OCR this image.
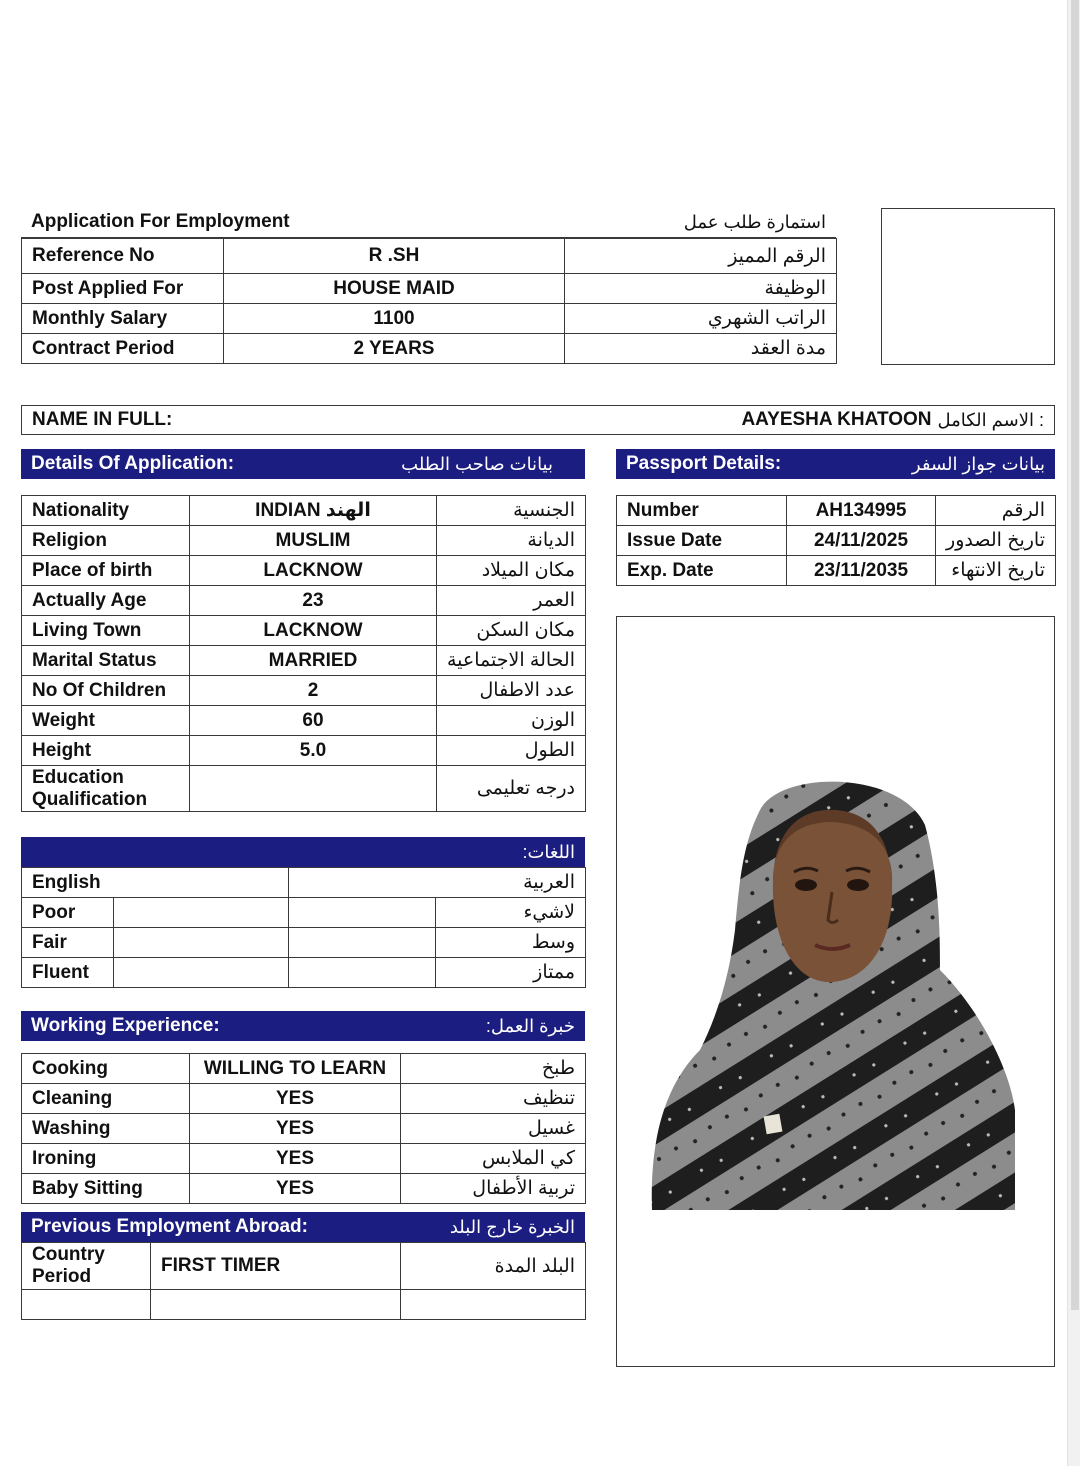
Application For Employment	استمارة طلب عمل
Reference No	R .SH	الرقم المميز
Post Applied For	HOUSE MAID	الوظيفة
Monthly Salary	1100	الراتب الشهري
Contract Period	2 YEARS	مدة العقد
NAME IN FULL:	AAYESHA KHATOON : الاسم الكامل
Details Of Application:	بيانات صاحب الطلب	Passport Details:	بيانات جواز السفر
Nationality	INDIAN الهند	الجنسية
Religion	MUSLIM	الديانة
Place of birth	LACKNOW	مكان الميلاد
Actually Age	23	العمر
Living Town	LACKNOW	مكان السكن
Marital Status	MARRIED	الحالة الاجتماعية
No Of Children	2	عدد الاطفال
Weight	60	الوزن
Height	5.0	الطول
Education
Qualification		درجه تعليمى
Number	AH134995	الرقم
Issue Date	24/11/2025	تاريخ الصدور
Exp. Date	23/11/2035	تاريخ الانتهاء
اللغات:
English		العربية	
Poor			لاشيء
Fair			وسط
Fluent			ممتاز
Working Experience:	خبرة العمل:
Cooking	WILLING TO LEARN	طبخ
Cleaning	YES	تنظيف
Washing	YES	غسيل
Ironing	YES	كي الملابس
Baby Sitting	YES	تربية الأطفال
Previous Employment Abroad:	الخبرة خارج البلد
Country
Period	FIRST TIMER	البلد المدة
